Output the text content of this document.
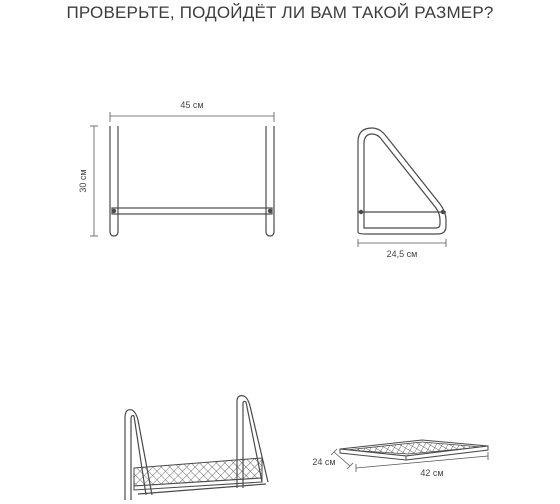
ПРОВЕРЬТЕ, ПОДОЙДЁТ ЛИ ВАМ ТАКОЙ РАЗМЕР?
45 см
30 см
24,5 см
24 см
42 см
